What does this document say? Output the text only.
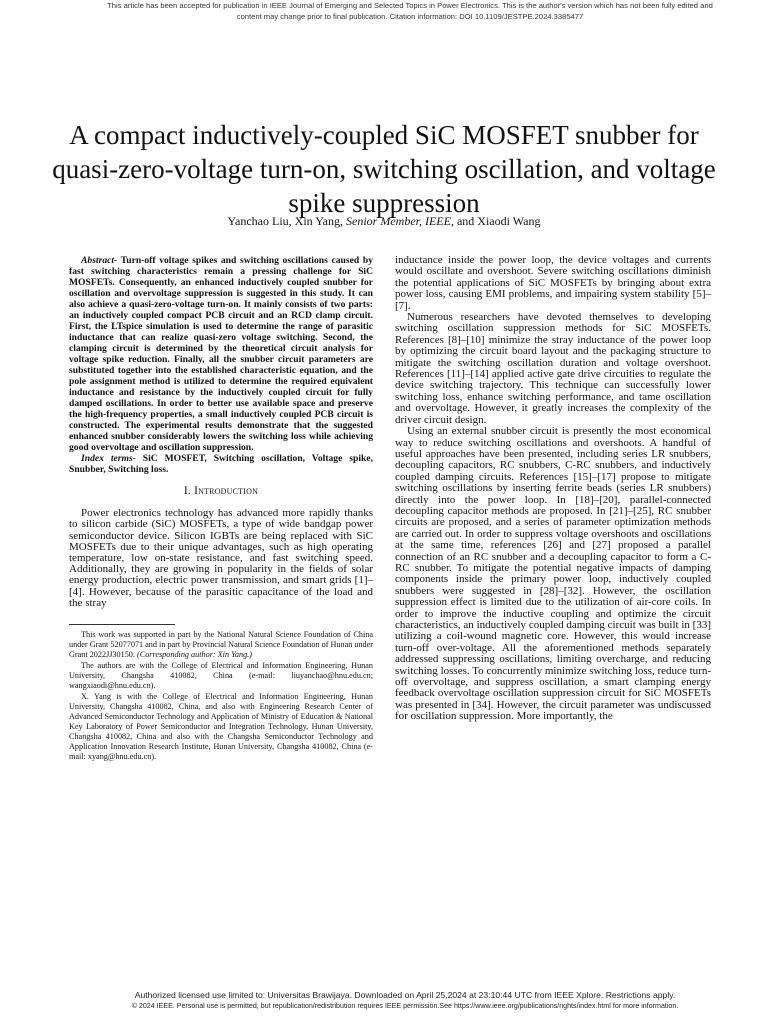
This article has been accepted for publication in IEEE Journal of Emerging and Selected Topics in Power Electronics. This is the author's version which has not been fully edited and
content may change prior to final publication. Citation information: DOI 10.1109/JESTPE.2024.3385477
A compact inductively-coupled SiC MOSFET snubber for quasi-zero-voltage turn-on, switching oscillation, and voltage spike suppression
Yanchao Liu, Xin Yang, Senior Member, IEEE, and Xiaodi Wang

Abstract- Turn-off voltage spikes and switching oscillations caused by fast switching characteristics remain a pressing challenge for SiC MOSFETs. Consequently, an enhanced inductively coupled snubber for oscillation and overvoltage suppression is suggested in this study. It can also achieve a quasi-zero-voltage turn-on. It mainly consists of two parts: an inductively coupled compact PCB circuit and an RCD clamp circuit. First, the LTspice simulation is used to determine the range of parasitic inductance that can realize quasi-zero voltage switching. Second, the clamping circuit is determined by the theoretical circuit analysis for voltage spike reduction. Finally, all the snubber circuit parameters are substituted together into the established characteristic equation, and the pole assignment method is utilized to determine the required equivalent inductance and resistance by the inductively coupled circuit for fully damped oscillations. In order to better use available space and preserve the high-frequency properties, a small inductively coupled PCB circuit is constructed. The experimental results demonstrate that the suggested enhanced snubber considerably lowers the switching loss while achieving good overvoltage and oscillation suppression.

Index terms- SiC MOSFET, Switching oscillation, Voltage spike, Snubber, Switching loss.

I. Introduction

Power electronics technology has advanced more rapidly thanks to silicon carbide (SiC) MOSFETs, a type of wide bandgap power semiconductor device. Silicon IGBTs are being replaced with SiC MOSFETs due to their unique advantages, such as high operating temperature, low on-state resistance, and fast switching speed. Additionally, they are growing in popularity in the fields of solar energy production, electric power transmission, and smart grids [1]–[4]. However, because of the parasitic capacitance of the load and the stray

This work was supported in part by the National Natural Science Foundation of China under Grant 52077071 and in part by Provincial Natural Science Foundation of Hunan under Grant 2022JJ30150. (Corresponding author: Xin Yang.)

The authors are with the College of Electrical and Information Engineering, Hunan University, Changsha 410082, China (e-mail: liuyanchao@hnu.edu.cn; wangxiaodi@hnu.edu.cn).

X. Yang is with the College of Electrical and Information Engineering, Hunan University, Changsha 410082, China, and also with Engineering Research Center of Advanced Semiconductor Technology and Application of Ministry of Education & National Key Laboratory of Power Semiconductor and Integration Technology, Hunan University, Changsha 410082, China and also with the Changsha Semiconductor Technology and Application Innovation Research Institute, Hunan University, Changsha 410082, China (e-mail: xyang@hnu.edu.cn).

inductance inside the power loop, the device voltages and currents would oscillate and overshoot. Severe switching oscillations diminish the potential applications of SiC MOSFETs by bringing about extra power loss, causing EMI problems, and impairing system stability [5]–[7].

Numerous researchers have devoted themselves to developing switching oscillation suppression methods for SiC MOSFETs. References [8]–[10] minimize the stray inductance of the power loop by optimizing the circuit board layout and the packaging structure to mitigate the switching oscillation duration and voltage overshoot. References [11]–[14] applied active gate drive circuities to regulate the device switching trajectory. This technique can successfully lower switching loss, enhance switching performance, and tame oscillation and overvoltage. However, it greatly increases the complexity of the driver circuit design.

Using an external snubber circuit is presently the most economical way to reduce switching oscillations and overshoots. A handful of useful approaches have been presented, including series LR snubbers, decoupling capacitors, RC snubbers, C-RC snubbers, and inductively coupled damping circuits. References [15]–[17] propose to mitigate switching oscillations by inserting ferrite beads (series LR snubbers) directly into the power loop. In [18]–[20], parallel-connected decoupling capacitor methods are proposed. In [21]–[25], RC snubber circuits are proposed, and a series of parameter optimization methods are carried out. In order to suppress voltage overshoots and oscillations at the same time, references [26] and [27] proposed a parallel connection of an RC snubber and a decoupling capacitor to form a C-RC snubber. To mitigate the potential negative impacts of damping components inside the primary power loop, inductively coupled snubbers were suggested in [28]–[32]. However, the oscillation suppression effect is limited due to the utilization of air-core coils. In order to improve the inductive coupling and optimize the circuit characteristics, an inductively coupled damping circuit was built in [33] utilizing a coil-wound magnetic core. However, this would increase turn-off over-voltage. All the aforementioned methods separately addressed suppressing oscillations, limiting overcharge, and reducing switching losses. To concurrently minimize switching loss, reduce turn-off overvoltage, and suppress oscillation, a smart clamping energy feedback overvoltage oscillation suppression circuit for SiC MOSFETs was presented in [34]. However, the circuit parameter was undiscussed for oscillation suppression. More importantly, the

Authorized licensed use limited to: Universitas Brawijaya. Downloaded on April 25,2024 at 23:10:44 UTC from IEEE Xplore. Restrictions apply.
© 2024 IEEE. Personal use is permitted, but republication/redistribution requires IEEE permission.See https://www.ieee.org/publications/rights/index.html for more information.
